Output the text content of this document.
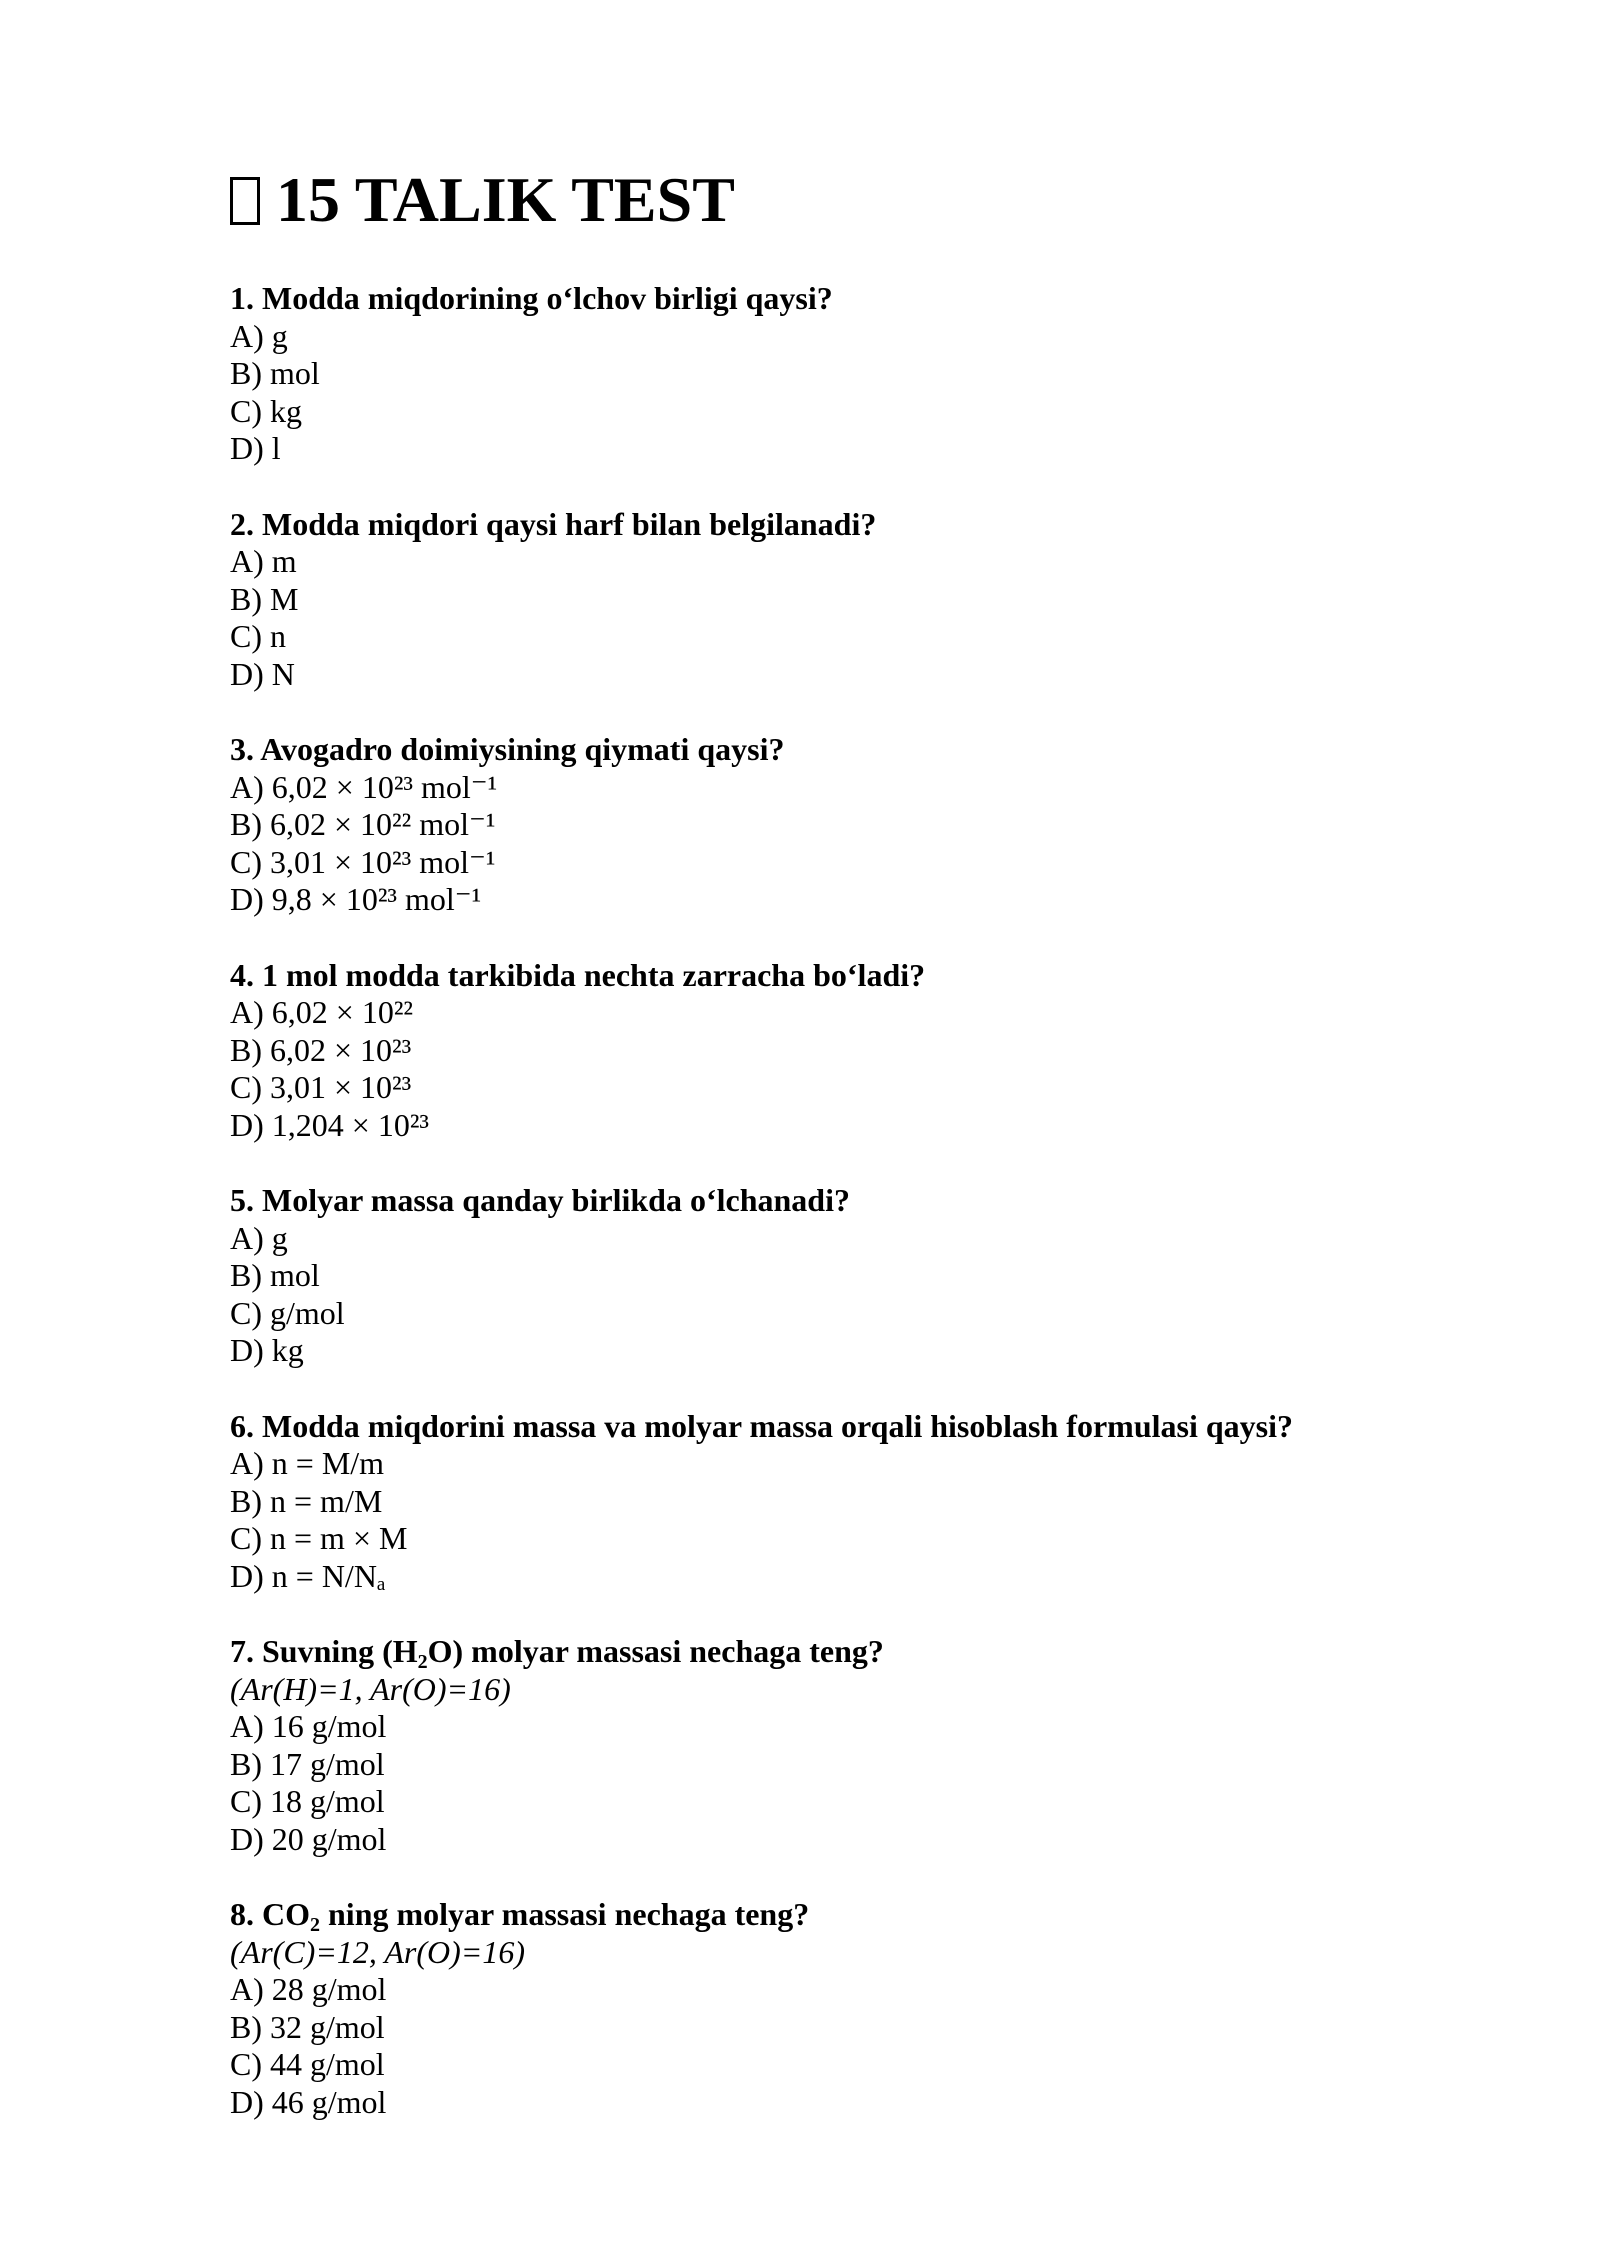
15 TALIK TEST
1. Modda miqdorining o‘lchov birligi qaysi?
A) g
B) mol
C) kg
D) l
2. Modda miqdori qaysi harf bilan belgilanadi?
A) m
B) M
C) n
D) N
3. Avogadro doimiysining qiymati qaysi?
A) 6,02 × 10²³ mol⁻¹
B) 6,02 × 10²² mol⁻¹
C) 3,01 × 10²³ mol⁻¹
D) 9,8 × 10²³ mol⁻¹
4. 1 mol modda tarkibida nechta zarracha bo‘ladi?
A) 6,02 × 10²²
B) 6,02 × 10²³
C) 3,01 × 10²³
D) 1,204 × 10²³
5. Molyar massa qanday birlikda o‘lchanadi?
A) g
B) mol
C) g/mol
D) kg
6. Modda miqdorini massa va molyar massa orqali hisoblash formulasi qaysi?
A) n = M/m
B) n = m/M
C) n = m × M
D) n = N/Nₐ
7. Suvning $(H_2O)$ molyar massasi nechaga teng?
(Ar(H)=1, Ar(O)=16)
A) 16 g/mol
B) 17 g/mol
C) 18 g/mol
D) 20 g/mol
8. $CO_2$ ning molyar massasi nechaga teng?
(Ar(C)=12, Ar(O)=16)
A) 28 g/mol
B) 32 g/mol
C) 44 g/mol
D) 46 g/mol
